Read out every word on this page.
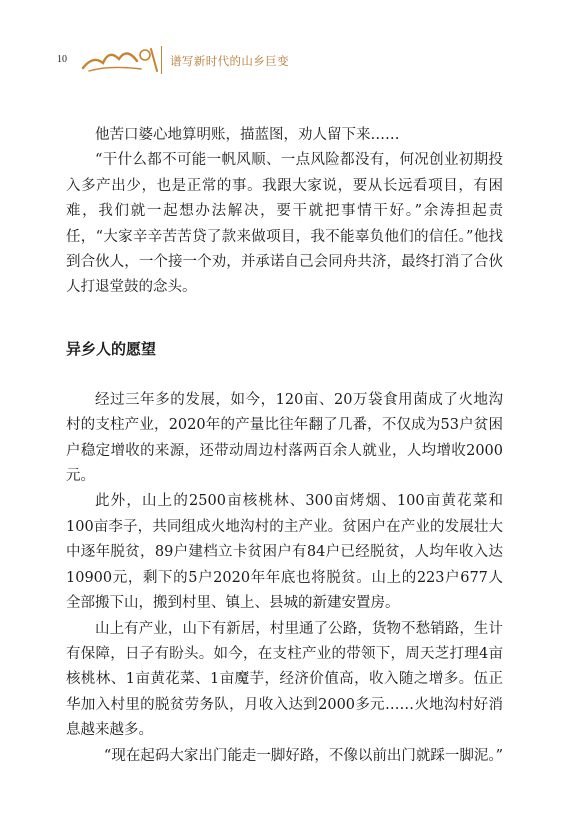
10	谱写新时代的山乡巨变

他苦口婆心地算明账，描蓝图，劝人留下来……

“干什么都不可能一帆风顺、一点风险都没有，何况创业初期投入多产出少，也是正常的事。我跟大家说，要从长远看项目，有困难，我们就一起想办法解决，要干就把事情干好。”余涛担起责任，“大家辛辛苦苦贷了款来做项目，我不能辜负他们的信任。”他找到合伙人，一个接一个劝，并承诺自己会同舟共济，最终打消了合伙人打退堂鼓的念头。

异乡人的愿望

经过三年多的发展，如今，120亩、20万袋食用菌成了火地沟村的支柱产业，2020年的产量比往年翻了几番，不仅成为53户贫困户稳定增收的来源，还带动周边村落两百余人就业，人均增收2000元。

此外，山上的2500亩核桃林、300亩烤烟、100亩黄花菜和100亩李子，共同组成火地沟村的主产业。贫困户在产业的发展壮大中逐年脱贫，89户建档立卡贫困户有84户已经脱贫，人均年收入达10900元，剩下的5户2020年年底也将脱贫。山上的223户677人全部搬下山，搬到村里、镇上、县城的新建安置房。

山上有产业，山下有新居，村里通了公路，货物不愁销路，生计有保障，日子有盼头。如今，在支柱产业的带领下，周天芝打理4亩核桃林、1亩黄花菜、1亩魔芋，经济价值高，收入随之增多。伍正华加入村里的脱贫劳务队，月收入达到2000多元……火地沟村好消息越来越多。

“现在起码大家出门能走一脚好路，不像以前出门就踩一脚泥。”
